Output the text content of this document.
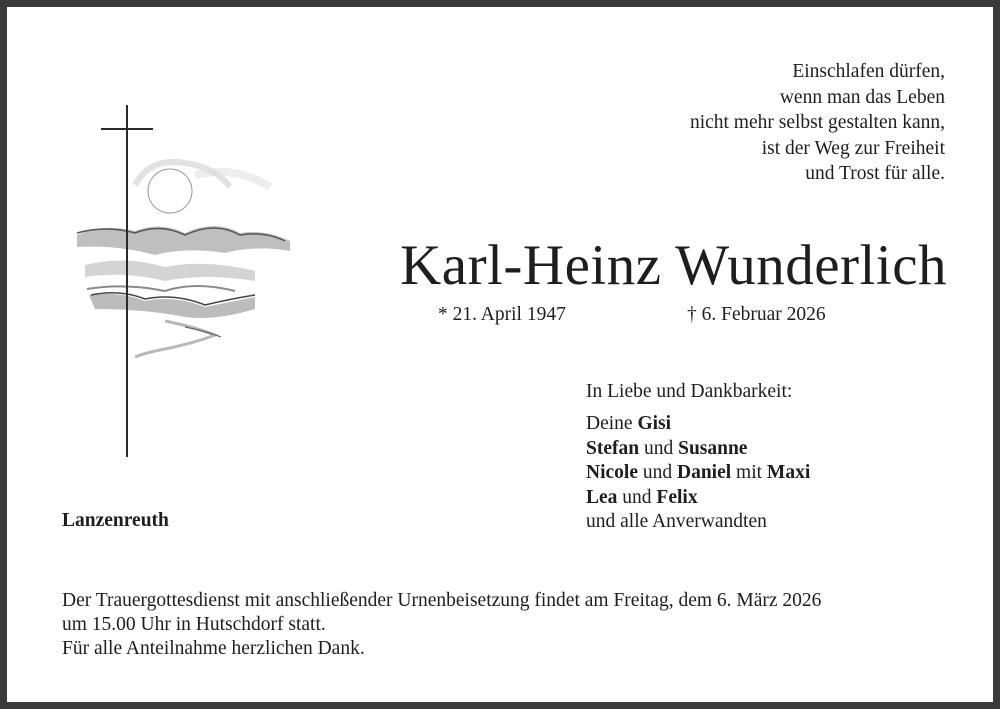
Einschlafen dürfen,
wenn man das Leben
nicht mehr selbst gestalten kann,
ist der Weg zur Freiheit
und Trost für alle.
Karl-Heinz Wunderlich
* 21. April 1947	† 6. Februar 2026
In Liebe und Dankbarkeit:
Deine Gisi
Stefan und Susanne
Nicole und Daniel mit Maxi
Lea und Felix
und alle Anverwandten
Lanzenreuth
Der Trauergottesdienst mit anschließender Urnenbeisetzung findet am Freitag, dem 6. März 2026
um 15.00 Uhr in Hutschdorf statt.
Für alle Anteilnahme herzlichen Dank.
